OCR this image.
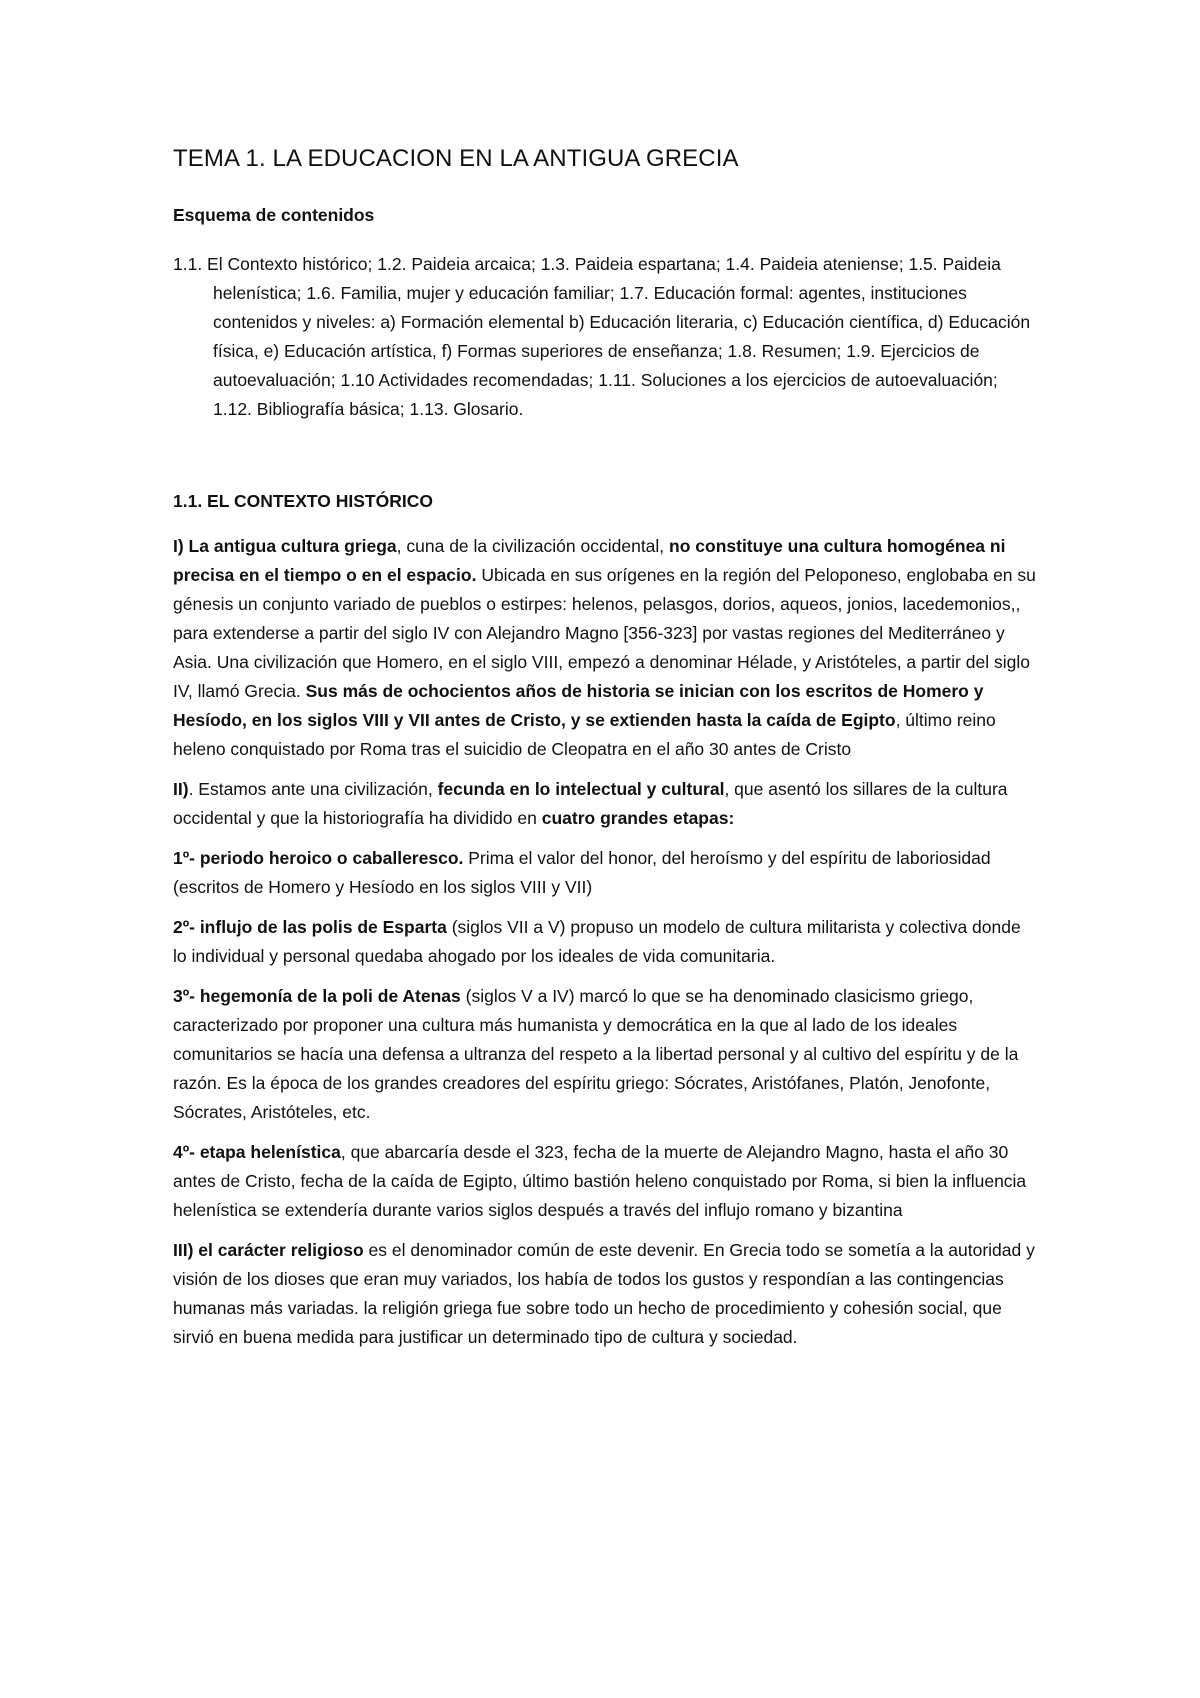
TEMA 1. LA EDUCACION EN LA ANTIGUA GRECIA
Esquema de contenidos

1.1. El Contexto histórico; 1.2. Paideia arcaica; 1.3. Paideia espartana; 1.4. Paideia ateniense; 1.5. Paideia helenística; 1.6. Familia, mujer y educación familiar; 1.7. Educación formal: agentes, instituciones contenidos y niveles: a) Formación elemental b) Educación literaria, c) Educación científica, d) Educación física, e) Educación artística, f) Formas superiores de enseñanza; 1.8. Resumen; 1.9. Ejercicios de autoevaluación; 1.10 Actividades recomendadas; 1.11. Soluciones a los ejercicios de autoevaluación; 1.12. Bibliografía básica; 1.13. Glosario.

1.1. EL CONTEXTO HISTÓRICO

I) La antigua cultura griega, cuna de la civilización occidental, no constituye una cultura homogénea ni precisa en el tiempo o en el espacio. Ubicada en sus orígenes en la región del Peloponeso, englobaba en su génesis un conjunto variado de pueblos o estirpes: helenos, pelasgos, dorios, aqueos, jonios, lacedemonios,, para extenderse a partir del siglo IV con Alejandro Magno [356-323] por vastas regiones del Mediterráneo y Asia. Una civilización que Homero, en el siglo VIII, empezó a denominar Hélade, y Aristóteles, a partir del siglo IV, llamó Grecia. Sus más de ochocientos años de historia se inician con los escritos de Homero y Hesíodo, en los siglos VIII y VII antes de Cristo, y se extienden hasta la caída de Egipto, último reino heleno conquistado por Roma tras el suicidio de Cleopatra en el año 30 antes de Cristo

II). Estamos ante una civilización, fecunda en lo intelectual y cultural, que asentó los sillares de la cultura occidental y que la historiografía ha dividido en cuatro grandes etapas:

1º- periodo heroico o caballeresco. Prima el valor del honor, del heroísmo y del espíritu de laboriosidad (escritos de Homero y Hesíodo en los siglos VIII y VII)

2º- influjo de las polis de Esparta (siglos VII a V) propuso un modelo de cultura militarista y colectiva donde lo individual y personal quedaba ahogado por los ideales de vida comunitaria.

3º- hegemonía de la poli de Atenas (siglos V a IV) marcó lo que se ha denominado clasicismo griego, caracterizado por proponer una cultura más humanista y democrática en la que al lado de los ideales comunitarios se hacía una defensa a ultranza del respeto a la libertad personal y al cultivo del espíritu y de la razón. Es la época de los grandes creadores del espíritu griego: Sócrates, Aristófanes, Platón, Jenofonte, Sócrates, Aristóteles, etc.

4º- etapa helenística, que abarcaría desde el 323, fecha de la muerte de Alejandro Magno, hasta el año 30 antes de Cristo, fecha de la caída de Egipto, último bastión heleno conquistado por Roma, si bien la influencia helenística se extendería durante varios siglos después a través del influjo romano y bizantina

III) el carácter religioso es el denominador común de este devenir. En Grecia todo se sometía a la autoridad y visión de los dioses que eran muy variados, los había de todos los gustos y respondían a las contingencias humanas más variadas. la religión griega fue sobre todo un hecho de procedimiento y cohesión social, que sirvió en buena medida para justificar un determinado tipo de cultura y sociedad.
